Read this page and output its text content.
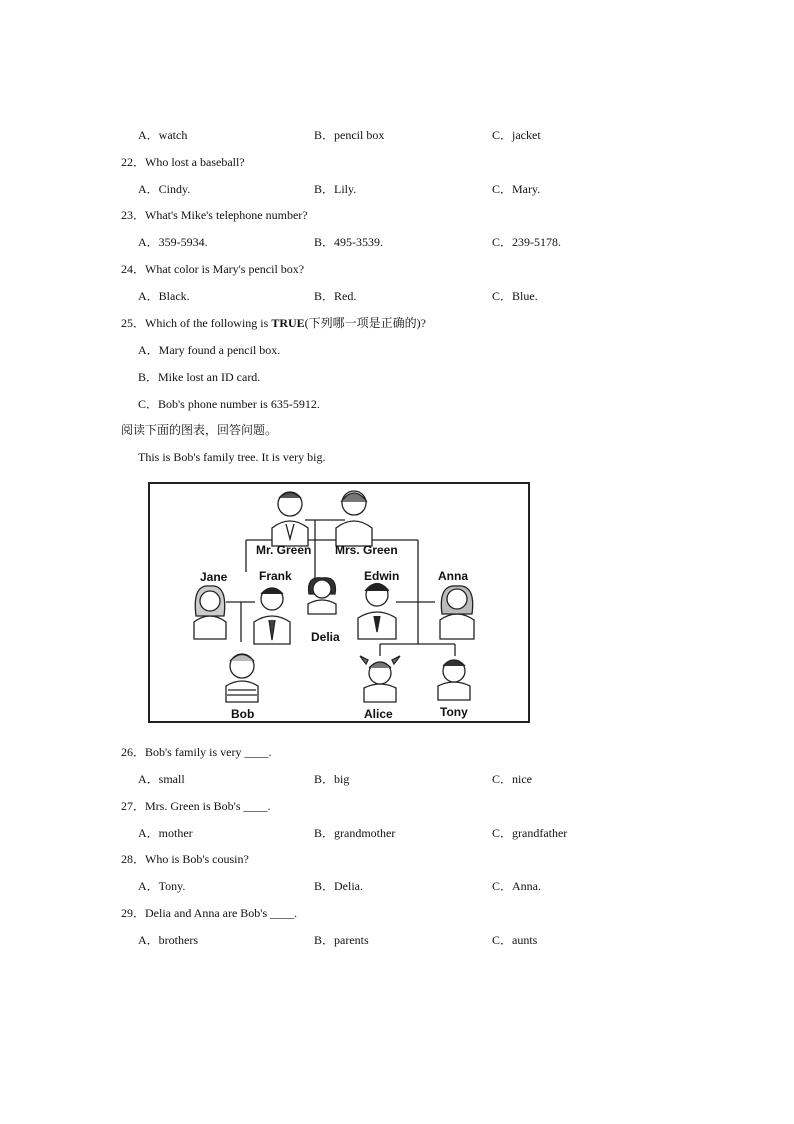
A．watch	B．pencil box	C．jacket
22．Who lost a baseball?
A．Cindy.	B．Lily.	C．Mary.
23．What's Mike's telephone number?
A．359-5934.	B．495-3539.	C．239-5178.
24．What color is Mary's pencil box?
A．Black.	B．Red.	C．Blue.
25．Which of the following is TRUE(下列哪一项是正确的)?
A．Mary found a pencil box.
B．Mike lost an ID card.
C．Bob's phone number is 635-5912.
阅读下面的图表，回答问题。
This is Bob's family tree. It is very big.
Mr. Green Mrs. Green
Jane	Frank
Delia
Edwin	Anna
Bob	Alice	Tony
26．Bob's family is very ____.
A．small	B．big	C．nice
27．Mrs. Green is Bob's ____.
A．mother	B．grandmother	C．grandfather
28．Who is Bob's cousin?
A．Tony.	B．Delia.	C．Anna.
29．Delia and Anna are Bob's ____.
A．brothers	B．parents	C．aunts
